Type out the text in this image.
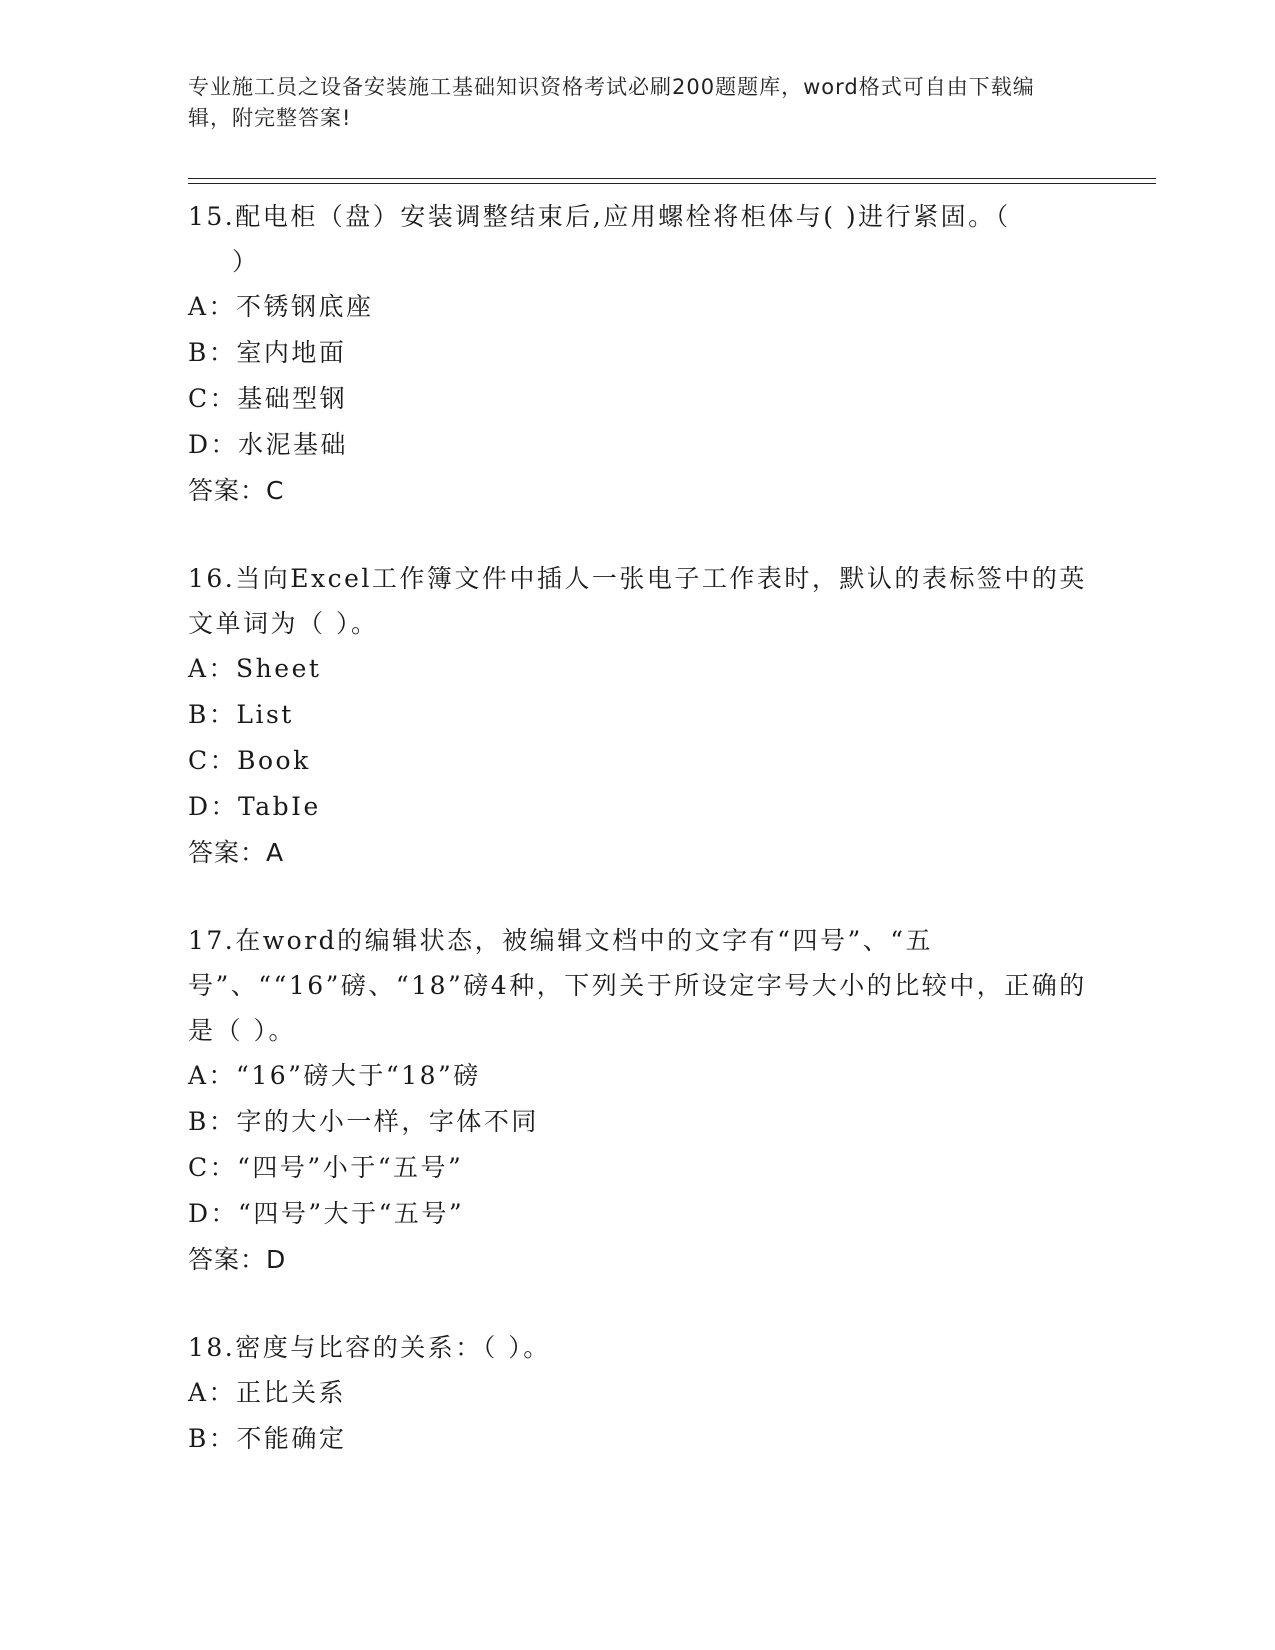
专业施工员之设备安装施工基础知识资格考试必刷200题题库，word格式可自由下载编辑，附完整答案!
15.配电柜（盘）安装调整结束后,应用螺栓将柜体与( )进行紧固。（
）
A：不锈钢底座
B：室内地面
C：基础型钢
D：水泥基础
答案：C
16.当向Excel工作簿文件中插人一张电子工作表时，默认的表标签中的英文单词为（ ）。
A：Sheet
B：List
C：Book
D：TabIe
答案：A
17.在word的编辑状态，被编辑文档中的文字有“四号”、“五号”、““16”磅、“18”磅4种，下列关于所设定字号大小的比较中，正确的是（ ）。
A：“16”磅大于“18”磅
B：字的大小一样，字体不同
C：“四号”小于“五号”
D：“四号”大于“五号”
答案：D
18.密度与比容的关系：（ ）。
A：正比关系
B：不能确定
